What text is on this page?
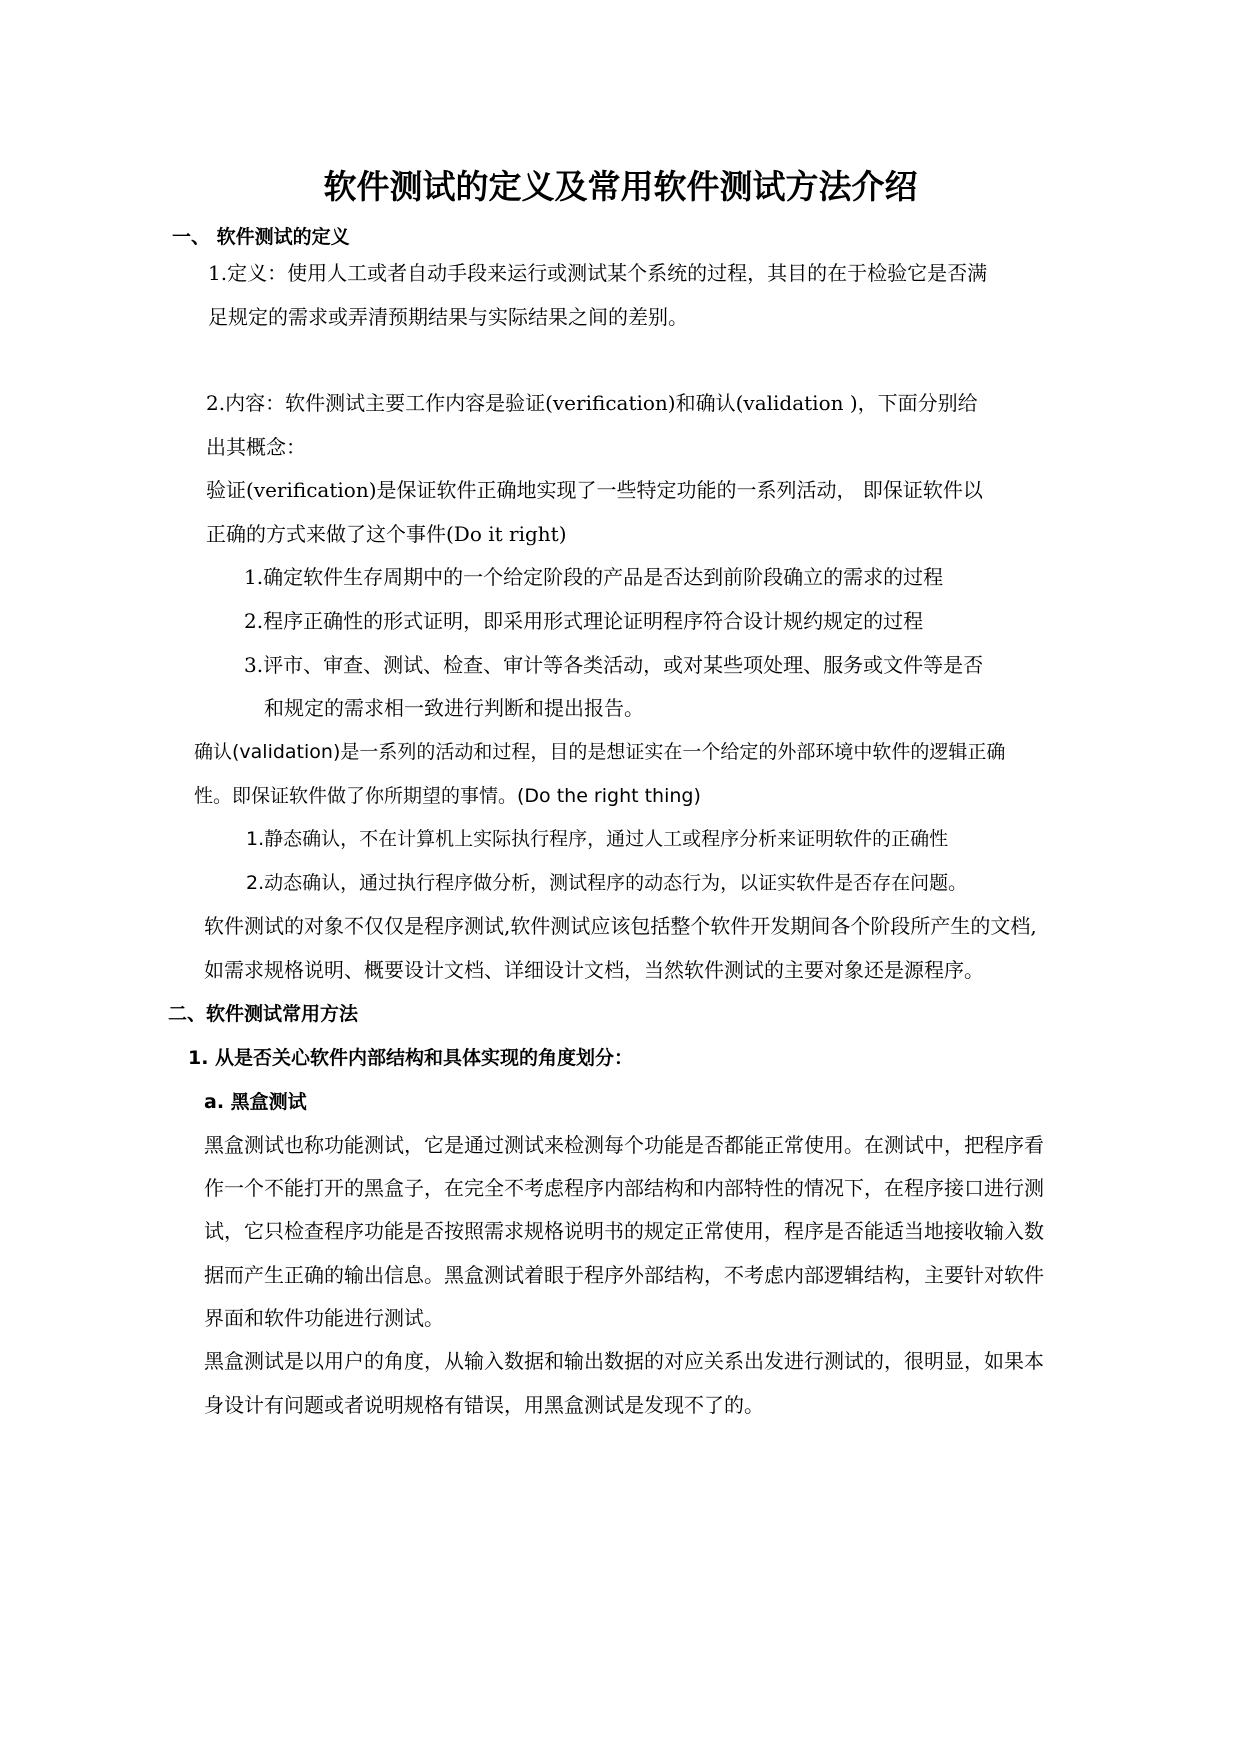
软件测试的定义及常用软件测试方法介绍
一、 软件测试的定义
1.定义：使用人工或者自动手段来运行或测试某个系统的过程，其目的在于检验它是否满
足规定的需求或弄清预期结果与实际结果之间的差别。
2.内容：软件测试主要工作内容是验证(verification)和确认(validation )，下面分别给
出其概念：
验证(verification)是保证软件正确地实现了一些特定功能的一系列活动， 即保证软件以
正确的方式来做了这个事件(Do it right)
1.确定软件生存周期中的一个给定阶段的产品是否达到前阶段确立的需求的过程
2.程序正确性的形式证明，即采用形式理论证明程序符合设计规约规定的过程
3.评市、审查、测试、检查、审计等各类活动，或对某些项处理、服务或文件等是否
和规定的需求相一致进行判断和提出报告。
确认(validation)是一系列的活动和过程，目的是想证实在一个给定的外部环境中软件的逻辑正确
性。即保证软件做了你所期望的事情。(Do the right thing)
1.静态确认，不在计算机上实际执行程序，通过人工或程序分析来证明软件的正确性
2.动态确认，通过执行程序做分析，测试程序的动态行为，以证实软件是否存在问题。
软件测试的对象不仅仅是程序测试,软件测试应该包括整个软件开发期间各个阶段所产生的文档,
如需求规格说明、概要设计文档、详细设计文档，当然软件测试的主要对象还是源程序。
二、软件测试常用方法
1. 从是否关心软件内部结构和具体实现的角度划分：
a. 黑盒测试
黑盒测试也称功能测试，它是通过测试来检测每个功能是否都能正常使用。在测试中，把程序看
作一个不能打开的黑盒子，在完全不考虑程序内部结构和内部特性的情况下，在程序接口进行测
试，它只检查程序功能是否按照需求规格说明书的规定正常使用，程序是否能适当地接收输入数
据而产生正确的输出信息。黑盒测试着眼于程序外部结构，不考虑内部逻辑结构，主要针对软件
界面和软件功能进行测试。
黑盒测试是以用户的角度，从输入数据和输出数据的对应关系出发进行测试的，很明显，如果本
身设计有问题或者说明规格有错误，用黑盒测试是发现不了的。
